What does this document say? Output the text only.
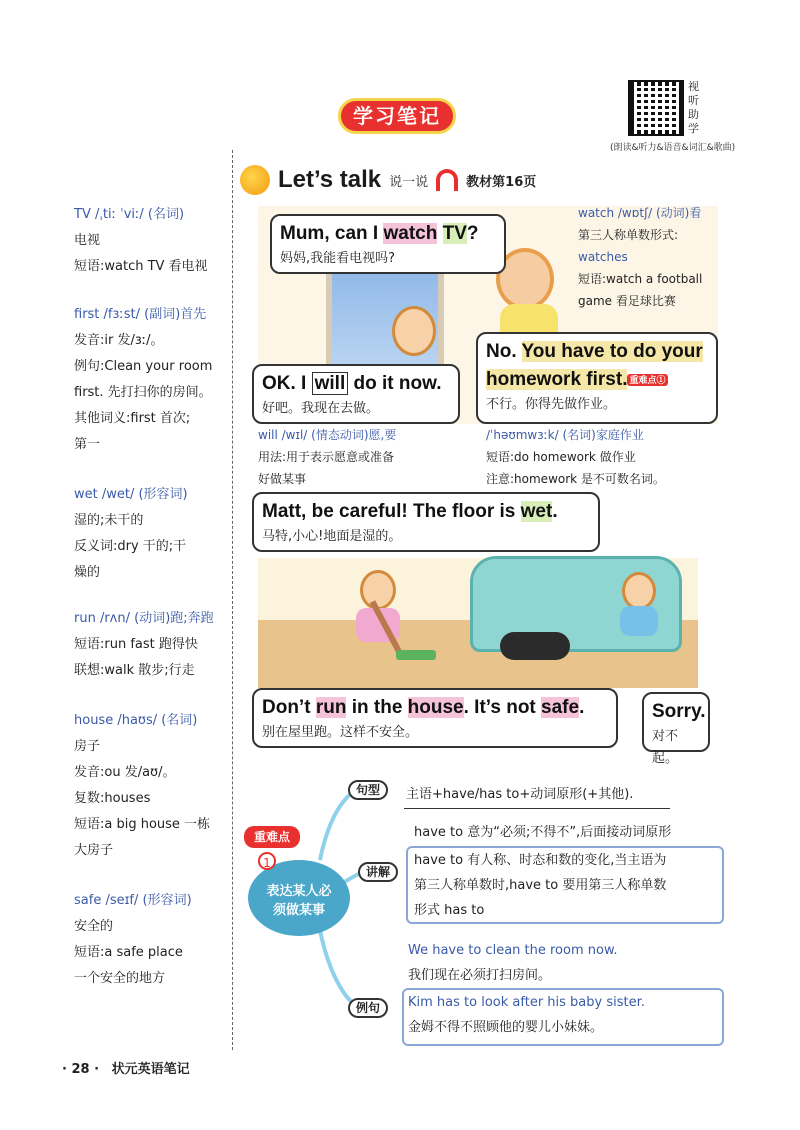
学习笔记
视
听
助
学
(朗读&听力&语音&词汇&歌曲)
Let’s talk 说一说	教材第16页
TV /ˌtiː ˈviː/ (名词)
电视
短语:watch TV 看电视
first /fɜːst/ (副词)首先
发音:ir 发/ɜː/。
例句:Clean your room
first. 先打扫你的房间。
其他词义:first 首次;
第一
wet /wet/ (形容词)
湿的;未干的
反义词:dry 干的;干
燥的
run /rʌn/ (动词)跑;奔跑
短语:run fast 跑得快
联想:walk 散步;行走
house /haʊs/ (名词)
房子
发音:ou 发/aʊ/。
复数:houses
短语:a big house 一栋
大房子
safe /seɪf/ (形容词)
安全的
短语:a safe place
一个安全的地方
Mum, can I watch TV?
妈妈,我能看电视吗?
OK. I will do it now.
好吧。我现在去做。
No. You have to do your
homework first. 重难点①
不行。你得先做作业。
Matt, be careful! The floor is wet.
马特,小心!地面是湿的。
Don’t run in the house. It’s not safe.
别在屋里跑。这样不安全。
Sorry.
对不起。
watch /wɒtʃ/ (动词)看
第三人称单数形式:
watches
短语:watch a football
game 看足球比赛
will /wɪl/ (情态动词)愿,要
用法:用于表示愿意或准备
好做某事
/ˈhəʊmwɜːk/ (名词)家庭作业
短语:do homework 做作业
注意:homework 是不可数名词。
重难点
表达某人必
须做某事
1
句型	主语+have/has to+动词原形(+其他).
have to 意为“必须;不得不”,后面接动词原形
讲解
have to 有人称、时态和数的变化,当主语为
第三人称单数时,have to 要用第三人称单数
形式 has to
We have to clean the room now.
我们现在必须打扫房间。
例句	Kim has to look after his baby sister.
金姆不得不照顾他的婴儿小妹妹。
· 28 · 状元英语笔记
